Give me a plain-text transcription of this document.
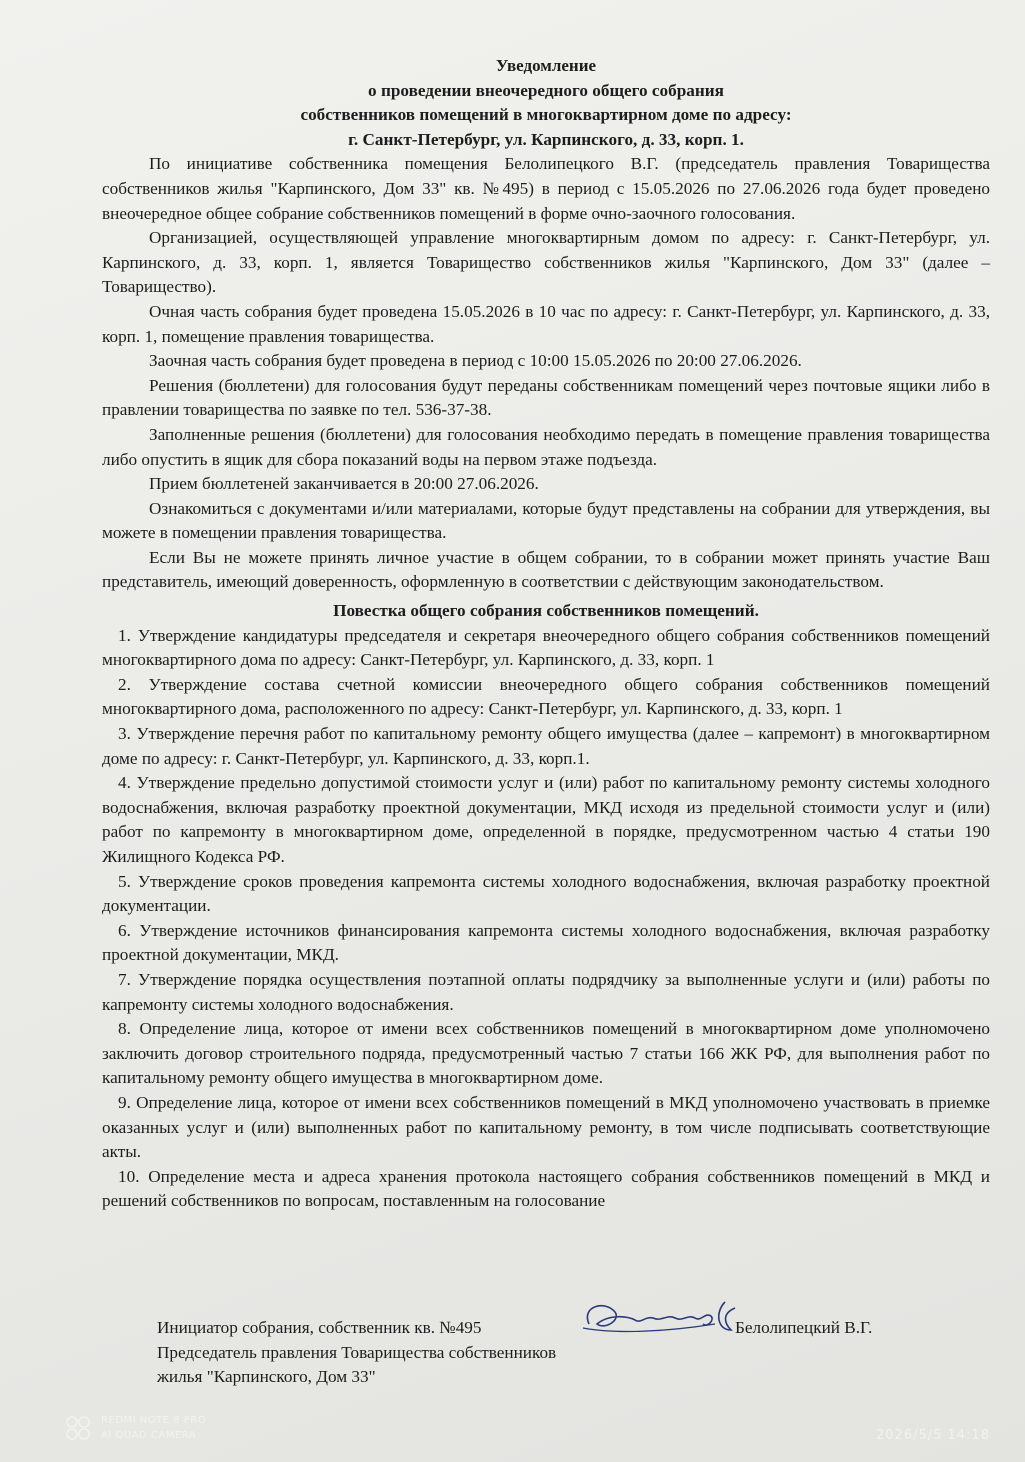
Уведомление
о проведении внеочередного общего собрания
собственников помещений в многоквартирном доме по адресу:
г. Санкт-Петербург, ул. Карпинского, д. 33, корп. 1.
По инициативе собственника помещения Белолипецкого В.Г. (председатель правления Товарищества собственников жилья "Карпинского, Дом 33" кв. №495) в период с 15.05.2026 по 27.06.2026 года будет проведено внеочередное общее собрание собственников помещений в форме очно-заочного голосования.
Организацией, осуществляющей управление многоквартирным домом по адресу: г. Санкт-Петербург, ул. Карпинского, д. 33, корп. 1, является Товарищество собственников жилья "Карпинского, Дом 33" (далее – Товарищество).
Очная часть собрания будет проведена 15.05.2026 в 10 час по адресу: г. Санкт-Петербург, ул. Карпинского, д. 33, корп. 1, помещение правления товарищества.
Заочная часть собрания будет проведена в период с 10:00 15.05.2026 по 20:00 27.06.2026.
Решения (бюллетени) для голосования будут переданы собственникам помещений через почтовые ящики либо в правлении товарищества по заявке по тел. 536-37-38.
Заполненные решения (бюллетени) для голосования необходимо передать в помещение правления товарищества либо опустить в ящик для сбора показаний воды на первом этаже подъезда.
Прием бюллетеней заканчивается в 20:00 27.06.2026.
Ознакомиться с документами и/или материалами, которые будут представлены на собрании для утверждения, вы можете в помещении правления товарищества.
Если Вы не можете принять личное участие в общем собрании, то в собрании может принять участие Ваш представитель, имеющий доверенность, оформленную в соответствии с действующим законодательством.
Повестка общего собрания собственников помещений.
1. Утверждение кандидатуры председателя и секретаря внеочередного общего собрания собственников помещений многоквартирного дома по адресу: Санкт-Петербург, ул. Карпинского, д. 33, корп. 1
2. Утверждение состава счетной комиссии внеочередного общего собрания собственников помещений многоквартирного дома, расположенного по адресу: Санкт-Петербург, ул. Карпинского, д. 33, корп. 1
3. Утверждение перечня работ по капитальному ремонту общего имущества (далее – капремонт) в многоквартирном доме по адресу: г. Санкт-Петербург, ул. Карпинского, д. 33, корп.1.
4. Утверждение предельно допустимой стоимости услуг и (или) работ по капитальному ремонту системы холодного водоснабжения, включая разработку проектной документации, МКД исходя из предельной стоимости услуг и (или) работ по капремонту в многоквартирном доме, определенной в порядке, предусмотренном частью 4 статьи 190 Жилищного Кодекса РФ.
5. Утверждение сроков проведения капремонта системы холодного водоснабжения, включая разработку проектной документации.
6. Утверждение источников финансирования капремонта системы холодного водоснабжения, включая разработку проектной документации, МКД.
7. Утверждение порядка осуществления поэтапной оплаты подрядчику за выполненные услуги и (или) работы по капремонту системы холодного водоснабжения.
8. Определение лица, которое от имени всех собственников помещений в многоквартирном доме уполномочено заключить договор строительного подряда, предусмотренный частью 7 статьи 166 ЖК РФ, для выполнения работ по капитальному ремонту общего имущества в многоквартирном доме.
9. Определение лица, которое от имени всех собственников помещений в МКД уполномочено участвовать в приемке оказанных услуг и (или) выполненных работ по капитальному ремонту, в том числе подписывать соответствующие акты.
10. Определение места и адреса хранения протокола настоящего собрания собственников помещений в МКД и решений собственников по вопросам, поставленным на голосование
Инициатор собрания, собственник кв. №495	Белолипецкий В.Г.
Председатель правления Товарищества собственников
жилья "Карпинского, Дом 33"
REDMI NOTE 8 PRO
AI QUAD CAMERA	2026/5/5 14:18
